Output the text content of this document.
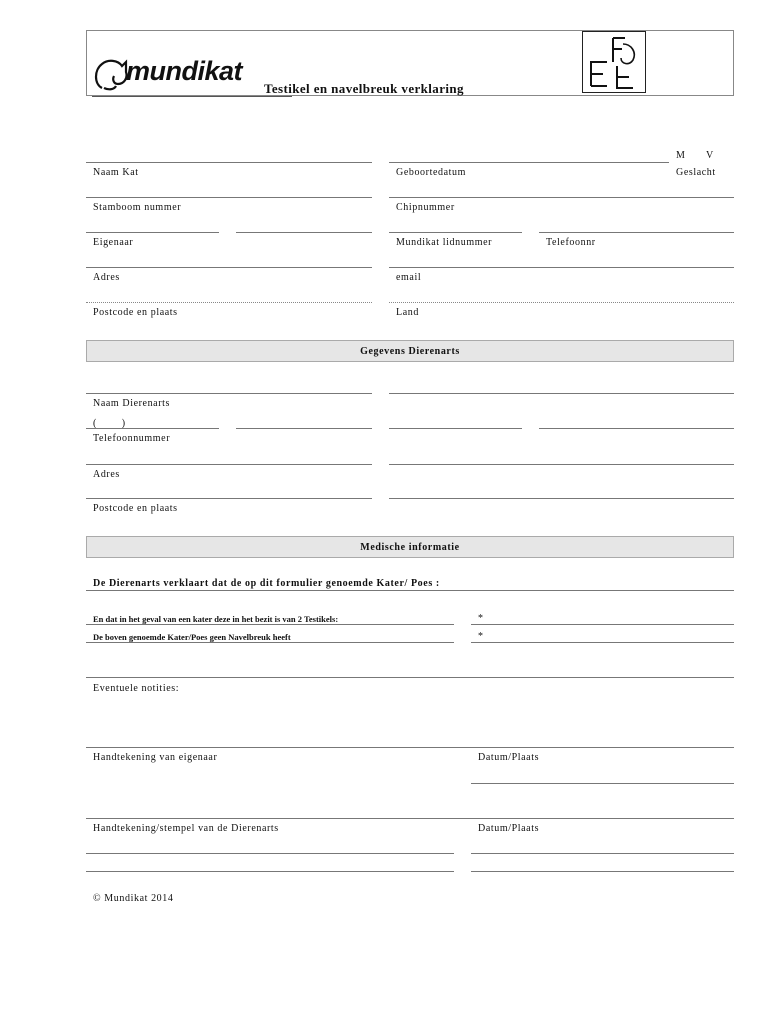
mundikat
Testikel en navelbreuk verklaring
M V
Naam Kat	Geboortedatum	Geslacht
Stamboom nummer	Chipnummer
Eigenaar	Mundikat lidnummer	Telefoonnr
Adres	email
Postcode en plaats	Land
Gegevens Dierenarts
Naam Dierenarts
(        )
Telefoonnummer
Adres
Postcode en plaats
Medische informatie
De Dierenarts verklaart dat de op dit formulier genoemde Kater/ Poes :
En dat in het geval van een kater deze in het bezit is van 2 Testikels:	*
De boven genoemde Kater/Poes geen Navelbreuk heeft	*
Eventuele notities:
Handtekening van eigenaar	Datum/Plaats
Handtekening/stempel van de Dierenarts	Datum/Plaats
© Mundikat 2014
